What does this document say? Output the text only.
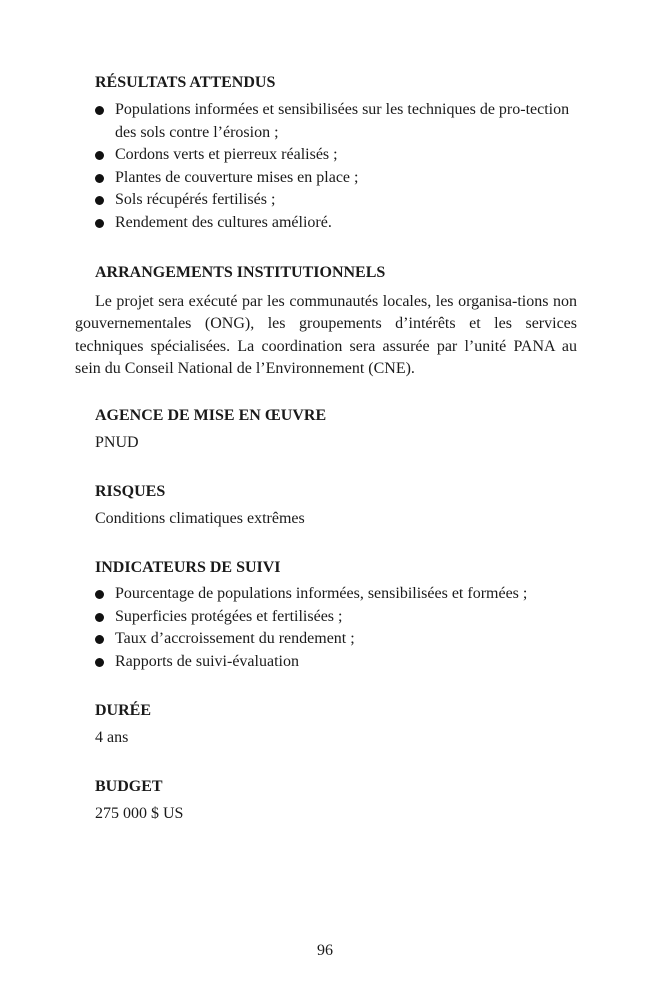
RÉSULTATS ATTENDUS
Populations informées et sensibilisées sur les techniques de pro-tection des sols contre l’érosion ;
Cordons verts et pierreux réalisés ;
Plantes de couverture mises en place ;
Sols récupérés fertilisés ;
Rendement des cultures amélioré.
ARRANGEMENTS INSTITUTIONNELS

Le projet sera exécuté par les communautés locales, les organisa-tions non gouvernementales (ONG), les groupements d’intérêts et les services techniques spécialisées. La coordination sera assurée par l’unité PANA au sein du Conseil National de l’Environnement (CNE).

AGENCE DE MISE EN ŒUVRE
PNUD
RISQUES
Conditions climatiques extrêmes
INDICATEURS DE SUIVI
Pourcentage de populations informées, sensibilisées et formées ;
Superficies protégées et fertilisées ;
Taux d’accroissement du rendement ;
Rapports de suivi-évaluation
DURÉE
4 ans
BUDGET
275 000 $ US
96
